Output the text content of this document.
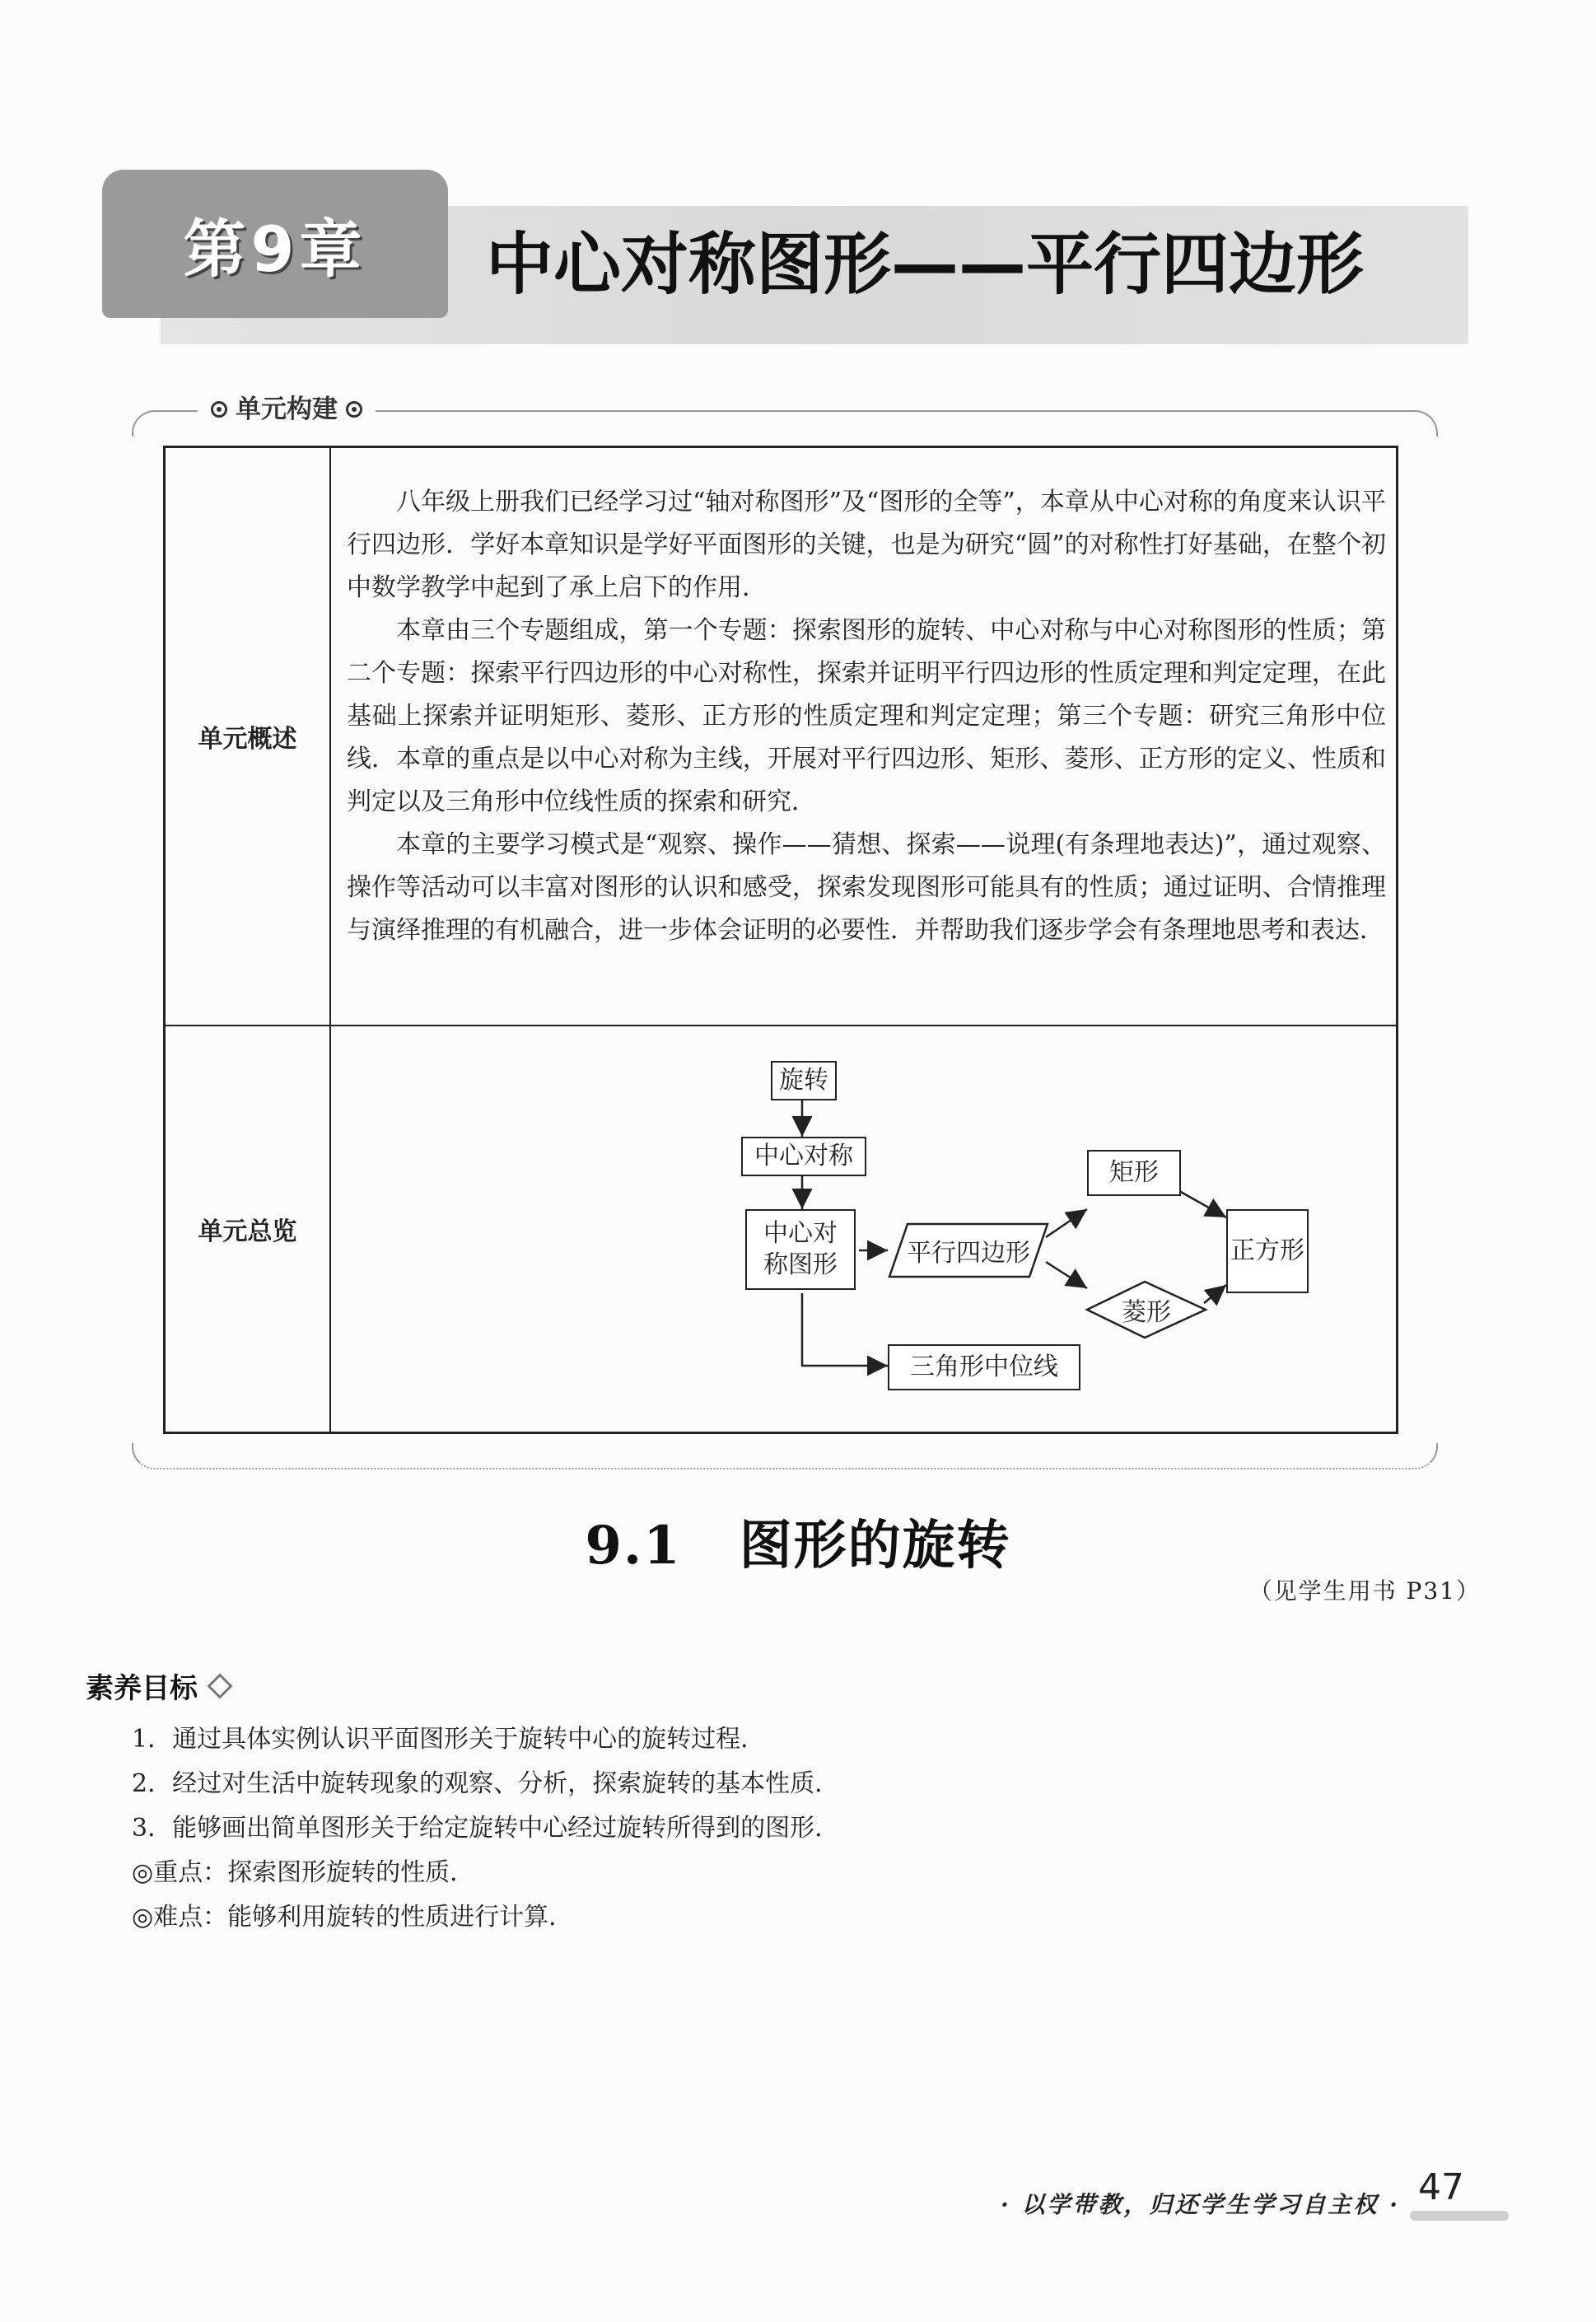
第9章 中心对称图形——平行四边形
单元构建
单元概述

八年级上册我们已经学习过“轴对称图形”及“图形的全等”，本章从中心对称的角度来认识平行四边形．学好本章知识是学好平面图形的关键，也是为研究“圆”的对称性打好基础，在整个初中数学教学中起到了承上启下的作用．

本章由三个专题组成，第一个专题：探索图形的旋转、中心对称与中心对称图形的性质；第二个专题：探索平行四边形的中心对称性，探索并证明平行四边形的性质定理和判定定理，在此基础上探索并证明矩形、菱形、正方形的性质定理和判定定理；第三个专题：研究三角形中位线．本章的重点是以中心对称为主线，开展对平行四边形、矩形、菱形、正方形的定义、性质和判定以及三角形中位线性质的探索和研究．

本章的主要学习模式是“观察、操作——猜想、探索——说理(有条理地表达)”，通过观察、操作等活动可以丰富对图形的认识和感受，探索发现图形可能具有的性质；通过证明、合情推理与演绎推理的有机融合，进一步体会证明的必要性．并帮助我们逐步学会有条理地思考和表达．

单元总览
旋转
中心对称
中心对称图形	平行四边形
矩形
菱形
正方形
三角形中位线
9.1 图形的旋转
（见学生用书 P31）
素养目标
1．通过具体实例认识平面图形关于旋转中心的旋转过程．
2．经过对生活中旋转现象的观察、分析，探索旋转的基本性质．
3．能够画出简单图形关于给定旋转中心经过旋转所得到的图形．
◎重点：探索图形旋转的性质．
◎难点：能够利用旋转的性质进行计算．
· 以学带教，归还学生学习自主权 · 47
